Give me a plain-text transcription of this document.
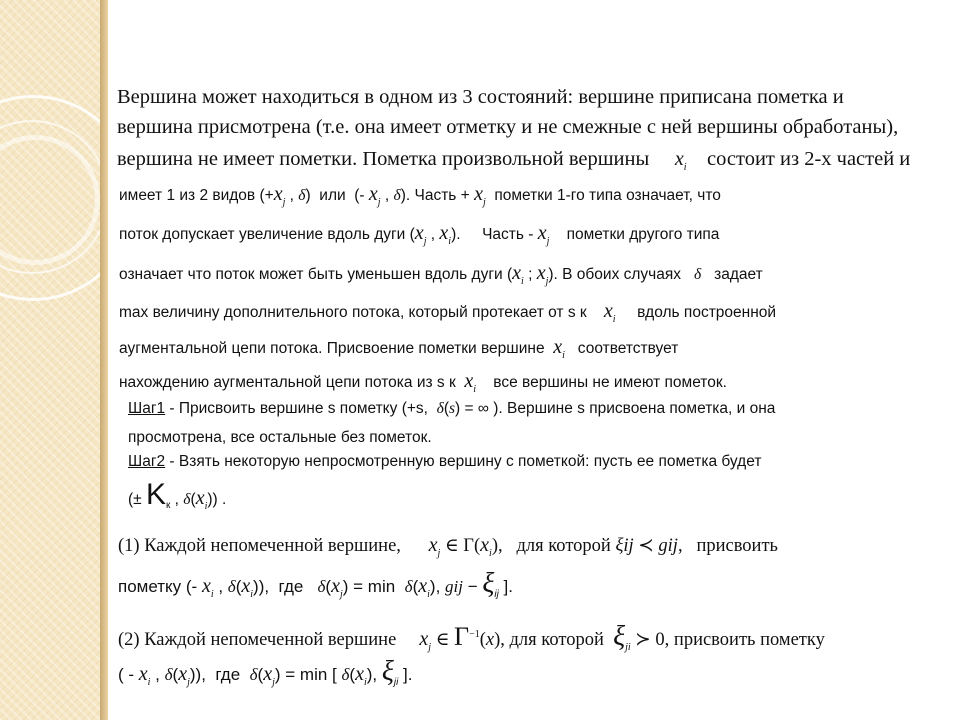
Вершина может находиться в одном из 3 состояний: вершине приписана пометка и
вершина присмотрена (т.е. она имеет отметку и не смежные с ней вершины обработаны),
вершина не имеет пометки. Пометка произвольной вершины $x_i$ состоит из 2-х частей и
имеет 1 из 2 видов ($+x_j$ , δ)  или  (- $x_j$ , δ). Часть + $x_j$ пометки 1-го типа означает, что
поток допускает увеличение вдоль дуги ($x_j$ , $x_i$).     Часть - $x_j$ пометки другого типа
означает что поток может быть уменьшен вдоль дуги ($x_i$ ; $x_j$). В обоих случаях δ задает
max величину дополнительного потока, который протекает от s к $x_i$ вдоль построенной
аугментальной цепи потока. Присвоение пометки вершине $x_i$ соответствует
нахождению аугментальной цепи потока из s к $x_i$ все вершины не имеют пометок.
Шаг1 - Присвоить вершине s пометку (+s, δ(s) = ∞ ). Вершине s присвоена пометка, и она
просмотрена, все остальные без пометок.
Шаг2 - Взять некоторую непросмотренную вершину с пометкой: пусть ее пометка будет
(± $K_к$ , $\delta(x_i)$) .
(1) Каждой непомеченной вершине, $x_j$ ∈ $\Gamma(x_i)$,   для которой ξij ≺ gij,   присвоить
пометку (- $x_i$ , $\delta(x_i)$),  где $\delta(x_j) = \min \delta(x_i)$, gij − $\xi_{ij}$ ].
(2) Каждой непомеченной вершине $x_j$ ∈ $\Gamma^{-1}(x)$, для которой $\xi_{ji}$ ≻ 0, присвоить пометку
( - $x_i$ , $\delta(x_j)$),  где $\delta(x_j) = \min$ [ $\delta(x_i)$, $\xi_{ji}$ ].
